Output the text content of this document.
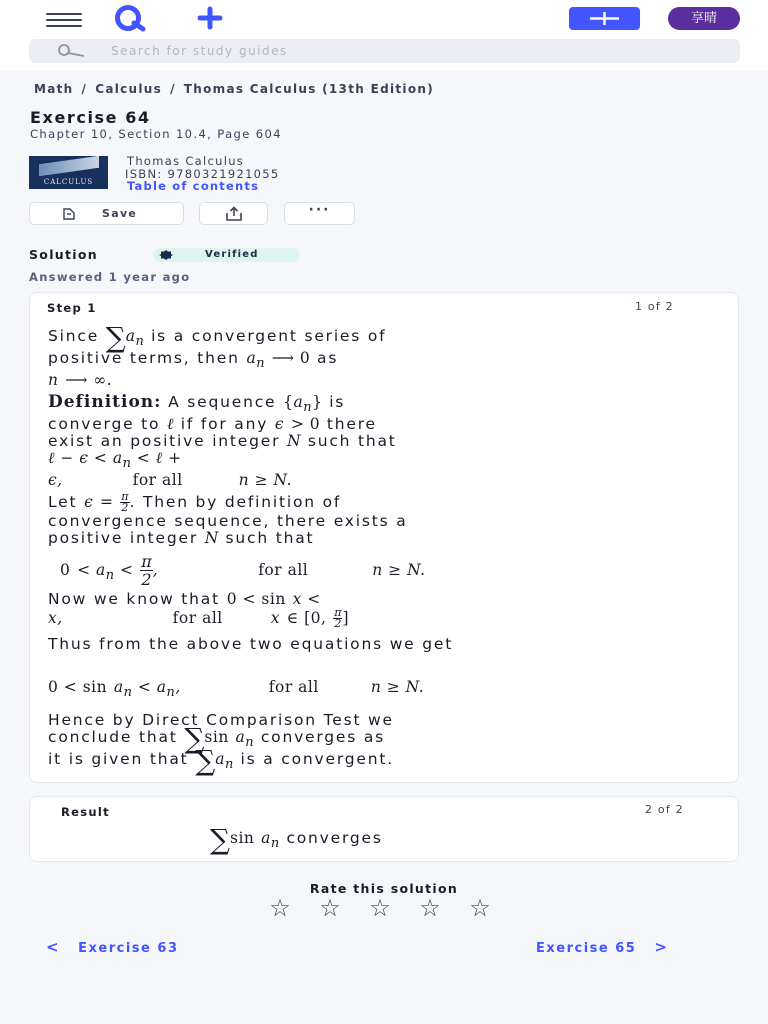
享晴
Search for study guides
Math / Calculus / Thomas Calculus (13th Edition)
Exercise 64
Chapter 10, Section 10.4, Page 604
CALCULUS
Thomas Calculus
ISBN: 9780321921055
Table of contents
Save	···
Solution	Verified
Answered 1 year ago
Step 1	1 of 2
Since $\sum a_n$ is a convergent series of
positive terms, then $a_n$ ⟶ 0 as
n ⟶ ∞.
Definition: A sequence $\{a_n\}$ is
converge to ℓ if for any ϵ > 0 there
exist an positive integer N such that
ℓ − $\epsilon < a_n$ < ℓ +
ϵ,	for all	n ≥ N.
Let $\epsilon = \frac{\pi}{2}$ . Then by definition of
convergence sequence, there exists a
positive integer N such that
$0 < a_n < \frac{\pi}{2}$ ,	for all	n ≥ N.
Now we know that 0 < sin x <
x,	for all	x ∈ [0, $\frac{\pi}{2}$ ]
Thus from the above two equations we get
$0 < \sin a_n < a_n$,	for all	n ≥ N.
Hence by Direct Comparison Test we
conclude that ∑sin $a_n$ converges as
it is given that $\sum a_n$ is a convergent.
Result	2 of 2
∑sin $a_n$ converges
Rate this solution
☆ ☆ ☆ ☆ ☆
< Exercise 63	Exercise 65 >
